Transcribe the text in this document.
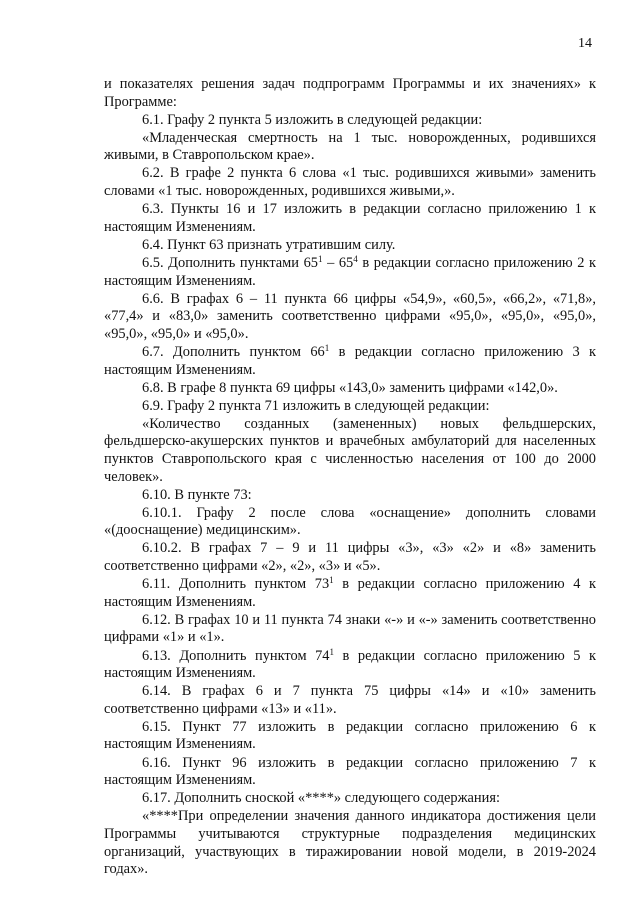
14

и показателях решения задач подпрограмм Программы и их значениях» к Программе:

6.1. Графу 2 пункта 5 изложить в следующей редакции:

«Младенческая смертность на 1 тыс. новорожденных, родившихся живыми, в Ставропольском крае».

6.2. В графе 2 пункта 6 слова «1 тыс. родившихся живыми» заменить словами «1 тыс. новорожденных, родившихся живыми,».

6.3. Пункты 16 и 17 изложить в редакции согласно приложению 1 к настоящим Изменениям.

6.4. Пункт 63 признать утратившим силу.

6.5. Дополнить пунктами $65^1 - 65^4$ в редакции согласно приложению 2 к настоящим Изменениям.

6.6. В графах 6 – 11 пункта 66 цифры «54,9», «60,5», «66,2», «71,8», «77,4» и «83,0» заменить соответственно цифрами «95,0», «95,0», «95,0», «95,0», «95,0» и «95,0».

6.7. Дополнить пунктом $66^1$ в редакции согласно приложению 3 к настоящим Изменениям.

6.8. В графе 8 пункта 69 цифры «143,0» заменить цифрами «142,0».

6.9. Графу 2 пункта 71 изложить в следующей редакции:

«Количество созданных (замененных) новых фельдшерских, фельдшерско-акушерских пунктов и врачебных амбулаторий для населенных пунктов Ставропольского края с численностью населения от 100 до 2000 человек».

6.10. В пункте 73:

6.10.1. Графу 2 после слова «оснащение» дополнить словами «(дооснащение) медицинским».

6.10.2. В графах 7 – 9 и 11 цифры «3», «3» «2» и «8» заменить соответственно цифрами «2», «2», «3» и «5».

6.11. Дополнить пунктом $73^1$ в редакции согласно приложению 4 к настоящим Изменениям.

6.12. В графах 10 и 11 пункта 74 знаки «-» и «-» заменить соответственно цифрами «1» и «1».

6.13. Дополнить пунктом $74^1$ в редакции согласно приложению 5 к настоящим Изменениям.

6.14. В графах 6 и 7 пункта 75 цифры «14» и «10» заменить соответственно цифрами «13» и «11».

6.15. Пункт 77 изложить в редакции согласно приложению 6 к настоящим Изменениям.

6.16. Пункт 96 изложить в редакции согласно приложению 7 к настоящим Изменениям.

6.17. Дополнить сноской «****» следующего содержания:

«****При определении значения данного индикатора достижения цели Программы учитываются структурные подразделения медицинских организаций, участвующих в тиражировании новой модели, в 2019-2024 годах».
